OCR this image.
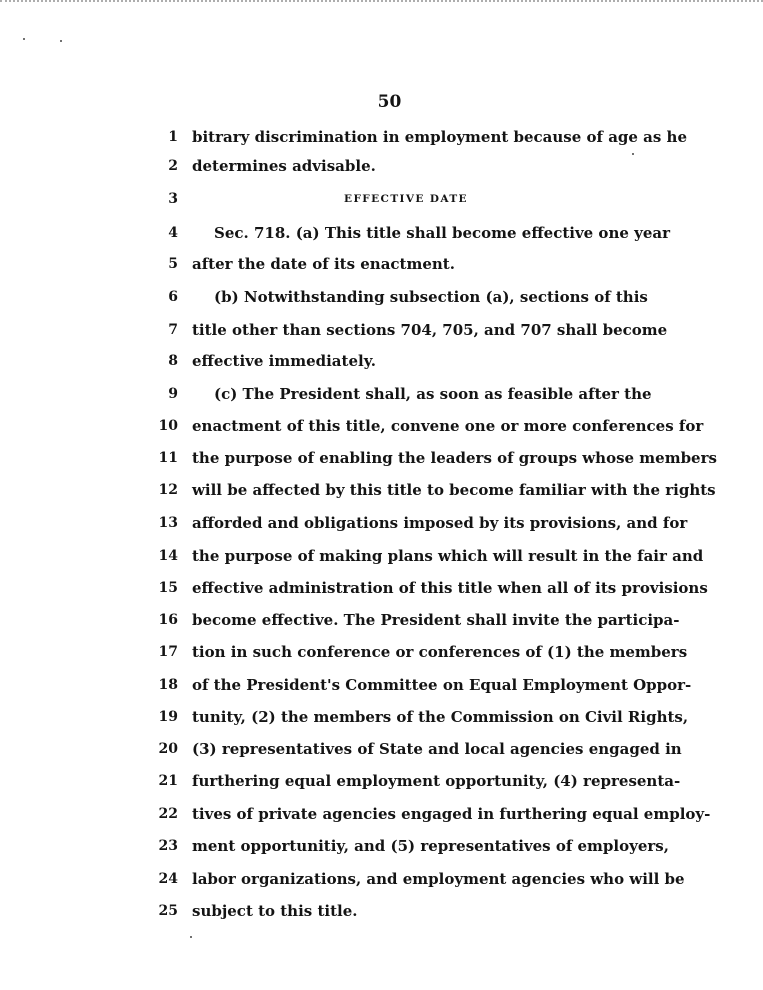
50
1 bitrary discrimination in employment because of age as he
2 determines advisable.
3	EFFECTIVE DATE
4	Sec. 718. (a) This title shall become effective one year
5 after the date of its enactment.
6	(b) Notwithstanding subsection (a), sections of this
7 title other than sections 704, 705, and 707 shall become
8 effective immediately.
9	(c) The President shall, as soon as feasible after the
10 enactment of this title, convene one or more conferences for
11 the purpose of enabling the leaders of groups whose members
12 will be affected by this title to become familiar with the rights
13 afforded and obligations imposed by its provisions, and for
14 the purpose of making plans which will result in the fair and
15 effective administration of this title when all of its provisions
16 become effective. The President shall invite the participa-
17 tion in such conference or conferences of (1) the members
18 of the President's Committee on Equal Employment Oppor-
19 tunity, (2) the members of the Commission on Civil Rights,
20 (3) representatives of State and local agencies engaged in
21 furthering equal employment opportunity, (4) representa-
22 tives of private agencies engaged in furthering equal employ-
23 ment opportunitiy, and (5) representatives of employers,
24 labor organizations, and employment agencies who will be
25 subject to this title.
